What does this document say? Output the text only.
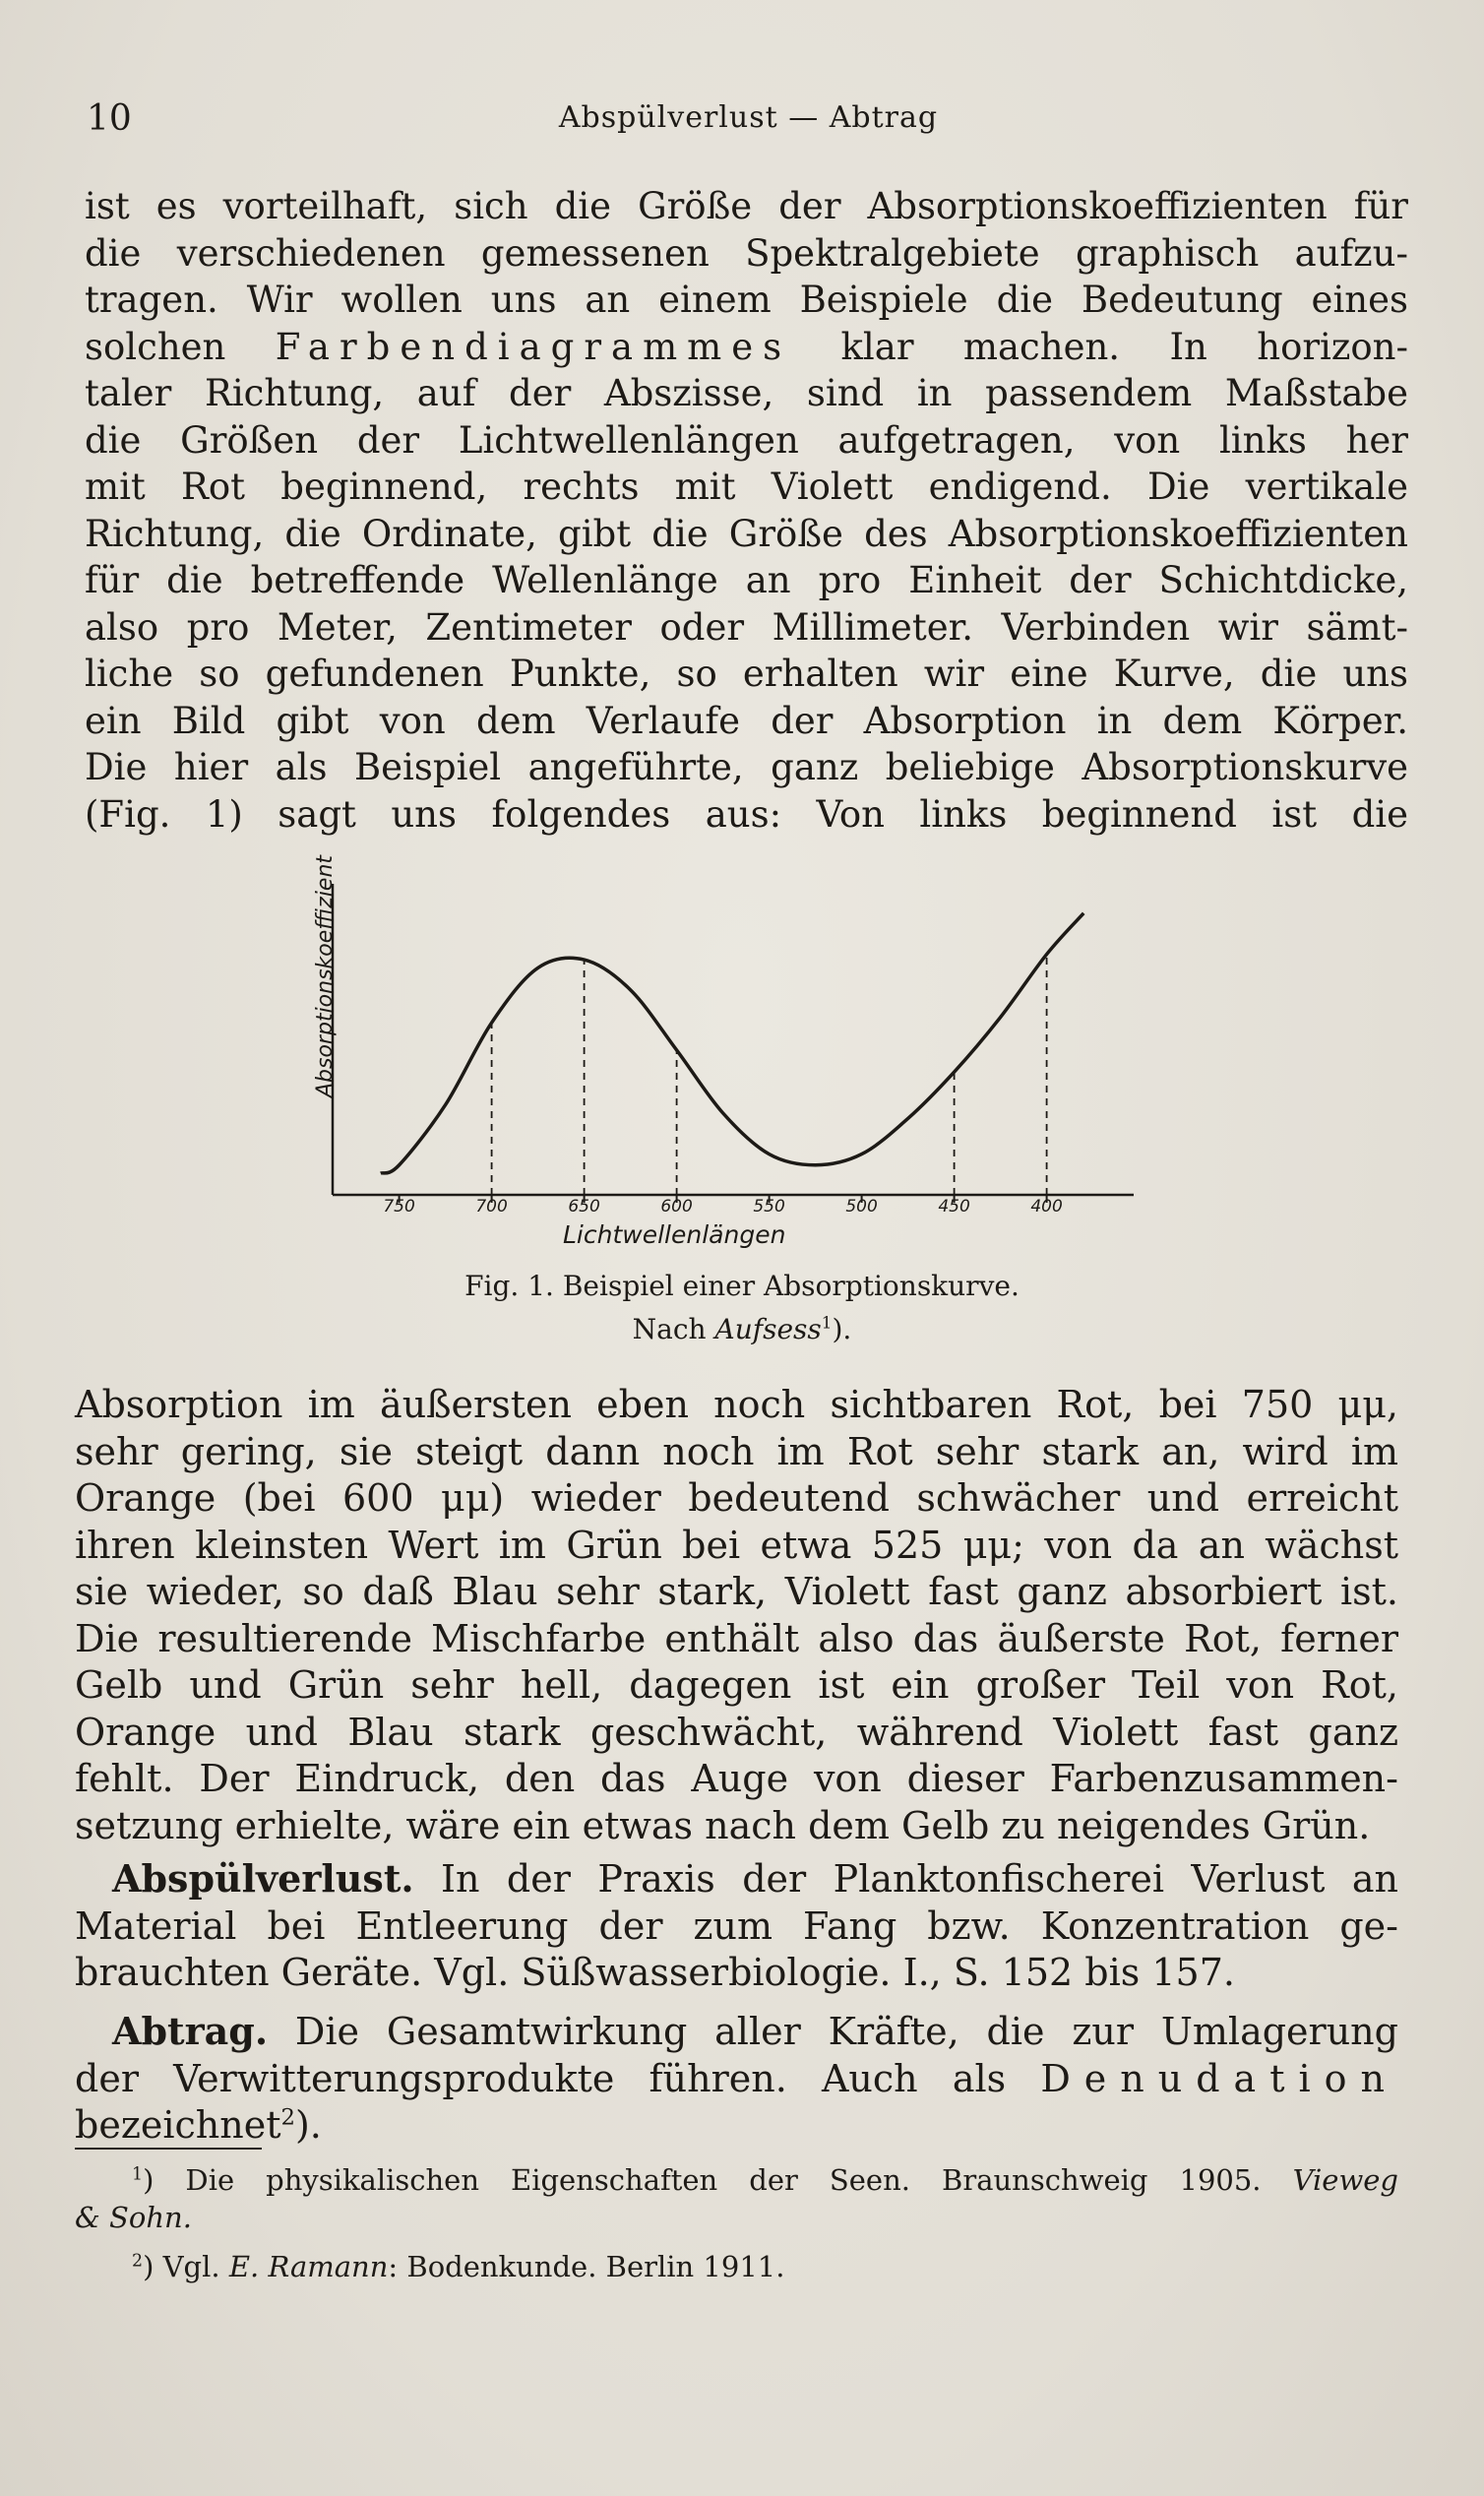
10	Abspülverlust — Abtrag
ist es vorteilhaft, sich die Größe der Absorptionskoeffizienten für
die verschiedenen gemessenen Spektralgebiete graphisch aufzu-
tragen. Wir wollen uns an einem Beispiele die Bedeutung eines
solchen Farbendiagrammes klar machen. In horizon-
taler Richtung, auf der Abszisse, sind in passendem Maßstabe
die Größen der Lichtwellenlängen aufgetragen, von links her
mit Rot beginnend, rechts mit Violett endigend. Die vertikale
Richtung, die Ordinate, gibt die Größe des Absorptionskoeffizienten
für die betreffende Wellenlänge an pro Einheit der Schichtdicke,
also pro Meter, Zentimeter oder Millimeter. Verbinden wir sämt-
liche so gefundenen Punkte, so erhalten wir eine Kurve, die uns
ein Bild gibt von dem Verlaufe der Absorption in dem Körper.
Die hier als Beispiel angeführte, ganz beliebige Absorptionskurve
(Fig. 1) sagt uns folgendes aus: Von links beginnend ist die
Absorptionskoeffizient
750	700	650	600	550	500	450	400
Lichtwellenlängen
Fig. 1. Beispiel einer Absorptionskurve.
Nach Aufsess$^1$).
Absorption im äußersten eben noch sichtbaren Rot, bei 750 μμ,
sehr gering, sie steigt dann noch im Rot sehr stark an, wird im
Orange (bei 600 μμ) wieder bedeutend schwächer und erreicht
ihren kleinsten Wert im Grün bei etwa 525 μμ; von da an wächst
sie wieder, so daß Blau sehr stark, Violett fast ganz absorbiert ist.
Die resultierende Mischfarbe enthält also das äußerste Rot, ferner
Gelb und Grün sehr hell, dagegen ist ein großer Teil von Rot,
Orange und Blau stark geschwächt, während Violett fast ganz
fehlt. Der Eindruck, den das Auge von dieser Farbenzusammen-
setzung erhielte, wäre ein etwas nach dem Gelb zu neigendes Grün.
 Abspülverlust. In der Praxis der Planktonfischerei Verlust an
Material bei Entleerung der zum Fang bzw. Konzentration ge-
brauchten Geräte. Vgl. Süßwasserbiologie. I., S. 152 bis 157.
 Abtrag. Die Gesamtwirkung aller Kräfte, die zur Umlagerung
der Verwitterungsprodukte führen. Auch als Denudation
bezeichnet$^2$).
  $^1$) Die physikalischen Eigenschaften der Seen. Braunschweig 1905. Vieweg
& Sohn.
  $^2$) Vgl. E. Ramann: Bodenkunde. Berlin 1911.
